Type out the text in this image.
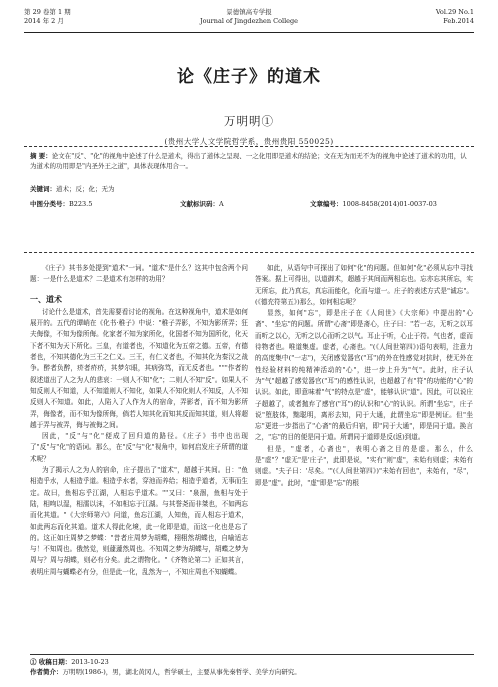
第 29 卷第 1 期
2014 年 2 月
景德镇高专学报
Journal of Jingdezhen College
Vol.29 No.1
Feb.2014
论《庄子》的道术
万明明①
(贵州大学人文学院哲学系，贵州贵阳 550025)

摘 要：论文在"反"、"化"的视角中论述了什么是道术，得出了道体之呈现、一之化用即是道术的结论；文在无为而无不为的视角中论述了道术的功用，认为道术的功用即是"内圣外王之道"，具体表现体用合一。

关键词：道术；反；化；无为

中图分类号： B223.5	文献标识码： A	文章编号： 1008-8458(2014)01-0037-03

《庄子》其书多处提到"道术"一词。"道术"是什么？这其中包含两个问题：一是什么是道术？二是道术有怎样的功用？

一、道术

讨论什么是道术，首先需要看讨论的视角。在这种视角中，道术是如何展开的。五代的谭峭在《化书·稚子》中说："稚子弄影，不知为影所弄；狂夫侮像，不知为像所侮。化家者不知为家所化，化国者不知为国所化，化天下者不知为天下所化。三皇，有道者也，不知道化为五帝之德。五帝，有德者也，不知其德化为三王之仁义。三王，有仁义者也，不知其化为秦汉之战争。醉者负醉，疥者疥疥，其梦尔眼，其病弥笃，而无反者也。"""作者的叙述道出了人之为人的悲哀：一则人不知"化"；二则人不知"反"。如果人不知反则人不知道，人不知道则人不知化，如果人不知化则人不知反，人不知反则人不知道。如此，人陷入了人作为人的宿命，弄影者，而不知为影所弄，侮像者，而不知为像所侮，倘若人知其化而知其反而知其道，则人将超越于弄与被弄，侮与被侮之间。

因此，"反"与"化"便成了回归道的路径。《庄子》书中也出现了"反"与"化"的语词。那么，在"反"与"化"视角中，如何启发庄子所谓的道术呢？

为了揭示人之为人的宿命，庄子提出了"道术"，超越于其间。日："鱼相造乎水，人相造乎道。相造乎水者，穿池而养给；相造乎道者，无事而生定。故曰，鱼相忘乎江湖，人相忘乎道术。""又曰："泉涸，鱼相与处于陆，相呴以湿，相濡以沫，不如相忘于江湖。与其誉尧而非桀也，不如两忘而化其道。"《大宗师第六》问道，鱼忘江湖，人知鱼，而人相忘于道术，如此两忘而化其道。道术人得此化境，此一化即是道，而这一化也是忘了的。这正如庄周梦之梦蝶："昔者庄周梦为胡蝶，栩栩然胡蝶也，自喻适志与！不知周也。俄然觉，则蘧蘧然周也。不知周之梦为胡蝶与，胡蝶之梦为周与？周与胡蝶，则必有分矣。此之谓物化。"《齐物论第二》正如其言，表明庄周与蝴蝶必有分，但是此一化，乱然为一，不知庄周也不知蝴蝶。

如此，从语句中可探出了如何"化"的问题。但如何"化"必须从忘中寻找答案。据上可得出，以道御术，超越于其间而两相忘也。忘亦忘其所忘，实无所忘，此乃真忘，真忘而能化，化而与道一。庄子的表述方式是"诚忘"。(《德充符第五》)那么，如何相忘呢？

显然，如何"忘"，即是庄子在《人间世》《大宗师》中提出的"心斋"、"坐忘"的问题。所谓"心斋"即是斋心，庄子曰："若一志，无听之以耳而听之以心，无听之以心而听之以气。耳止于听，心止于符。气也者，虚而待物者也。唯道集虚。虚者，心斋也。"(《人间世第四》)语句表明，注意力的高度集中("一志")，关闭感觉器官("耳")的外在性感觉对抗时，使无外在性经验材料的纯精神活动的"心"，进一步上升为"气"。此时，庄子认为"气"超越了感觉器官("耳")的感性认识，也超越了有"符"的功能的"心"的认识。如此，即意味着"气"的特点是"虚"，能够认识"道"。因此，可以说庄子超越了，或者抛弃了感官("耳")的认识和"心"的认识。所谓"坐忘"，庄子说"堕肢体，黜聪明，离形去知，同于大通，此谓坐忘"即是例证。但"坐忘"更进一步指出了"心斋"的最后归宿，即"同于大通"，即是同于道。换言之，"忘"的目的便是同于道。所谓同于道即是反(返)到道。

但是，"虚者，心斋也"，表明心斋之目的是虚。那么，什么是"虚"？"虚无"是'庄子"，此即是说，"实有"则"虚"，未始有则虚；未始有则虚。"夫子曰：'尽矣。'"(《人间世第四》)"未始有回也"，未始有，"尽"，即是"虚"。此时，"虚"即是"忘"的根

① 收稿日期：2013-10-23
作者简介：万明明(1986-)，男，湖北黄冈人，哲学硕士，主要从事先秦哲学、美学方向研究。
